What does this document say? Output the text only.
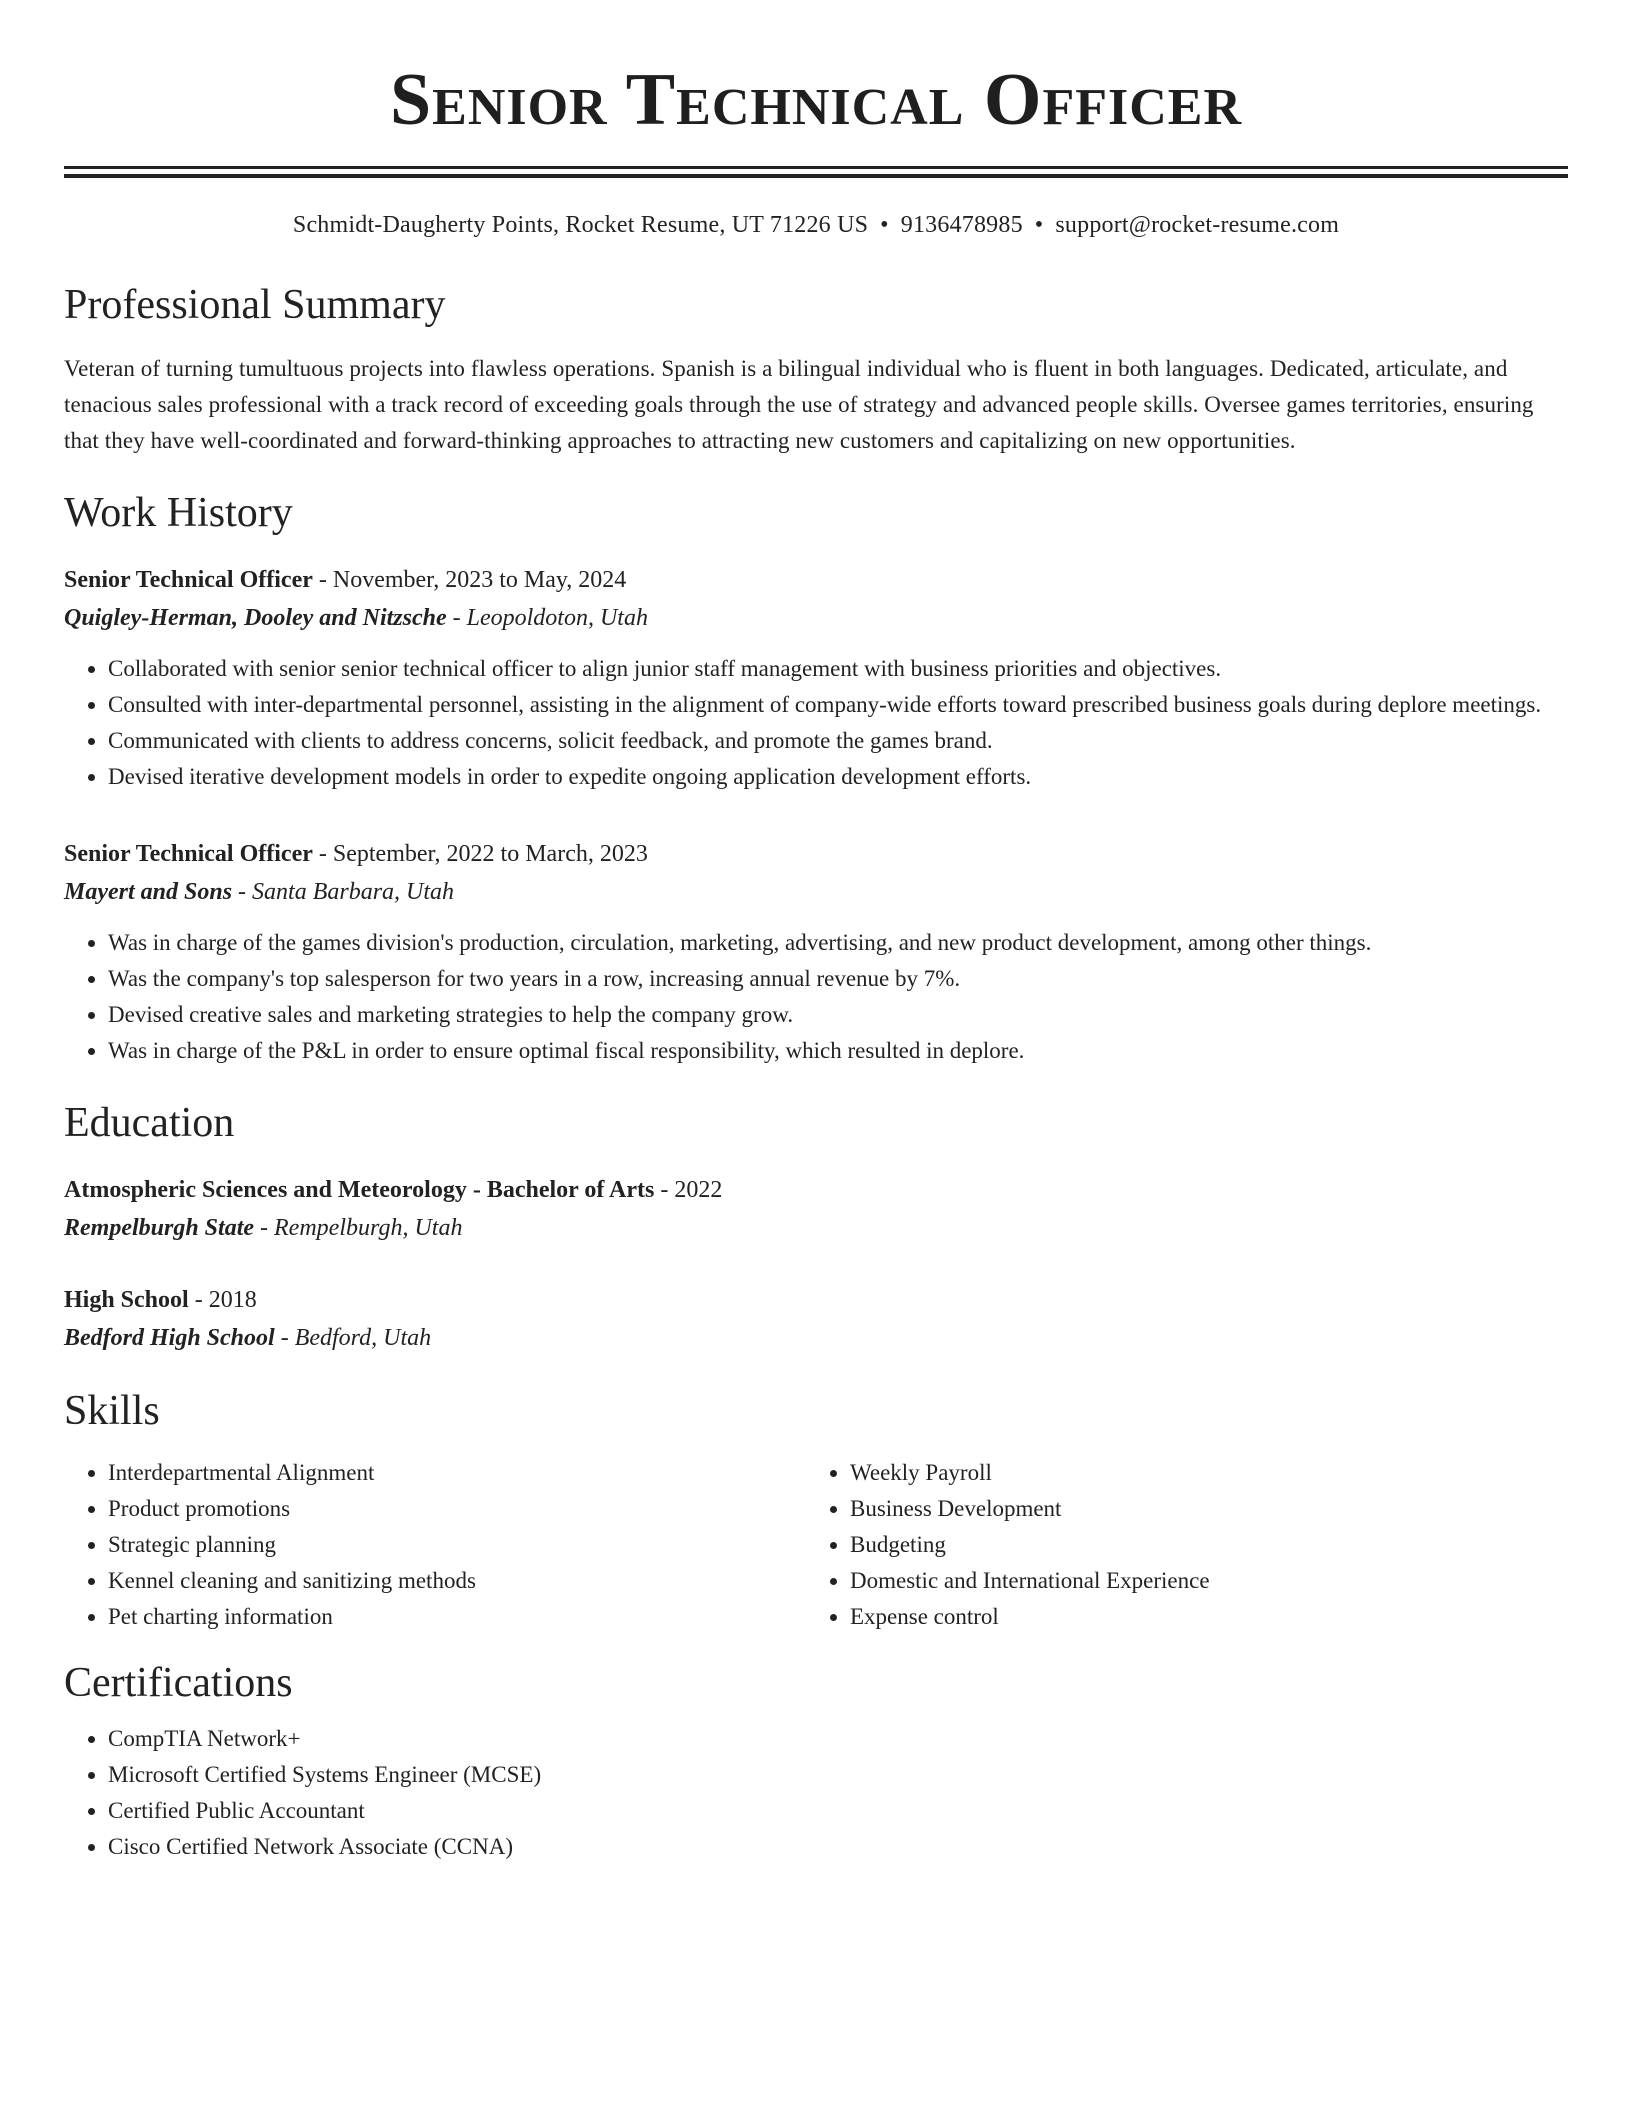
Senior Technical Officer
Schmidt-Daugherty Points, Rocket Resume, UT 71226 US • 9136478985 • support@rocket-resume.com
Professional Summary

Veteran of turning tumultuous projects into flawless operations. Spanish is a bilingual individual who is fluent in both languages. Dedicated, articulate, and tenacious sales professional with a track record of exceeding goals through the use of strategy and advanced people skills. Oversee games territories, ensuring that they have well-coordinated and forward-thinking approaches to attracting new customers and capitalizing on new opportunities.

Work History
Senior Technical Officer - November, 2023 to May, 2024
Quigley-Herman, Dooley and Nitzsche - Leopoldoton, Utah
• Collaborated with senior senior technical officer to align junior staff management with business priorities and objectives.
• Consulted with inter-departmental personnel, assisting in the alignment of company-wide efforts toward prescribed business goals during deplore meetings.
• Communicated with clients to address concerns, solicit feedback, and promote the games brand.
• Devised iterative development models in order to expedite ongoing application development efforts.
Senior Technical Officer - September, 2022 to March, 2023
Mayert and Sons - Santa Barbara, Utah
• Was in charge of the games division's production, circulation, marketing, advertising, and new product development, among other things.
• Was the company's top salesperson for two years in a row, increasing annual revenue by 7%.
• Devised creative sales and marketing strategies to help the company grow.
• Was in charge of the P&L in order to ensure optimal fiscal responsibility, which resulted in deplore.
Education
Atmospheric Sciences and Meteorology - Bachelor of Arts - 2022
Rempelburgh State - Rempelburgh, Utah
High School - 2018
Bedford High School - Bedford, Utah
Skills
• Interdepartmental Alignment
• Product promotions
• Strategic planning
• Kennel cleaning and sanitizing methods
• Pet charting information
• Weekly Payroll
• Business Development
• Budgeting
• Domestic and International Experience
• Expense control
Certifications
• CompTIA Network+
• Microsoft Certified Systems Engineer (MCSE)
• Certified Public Accountant
• Cisco Certified Network Associate (CCNA)
